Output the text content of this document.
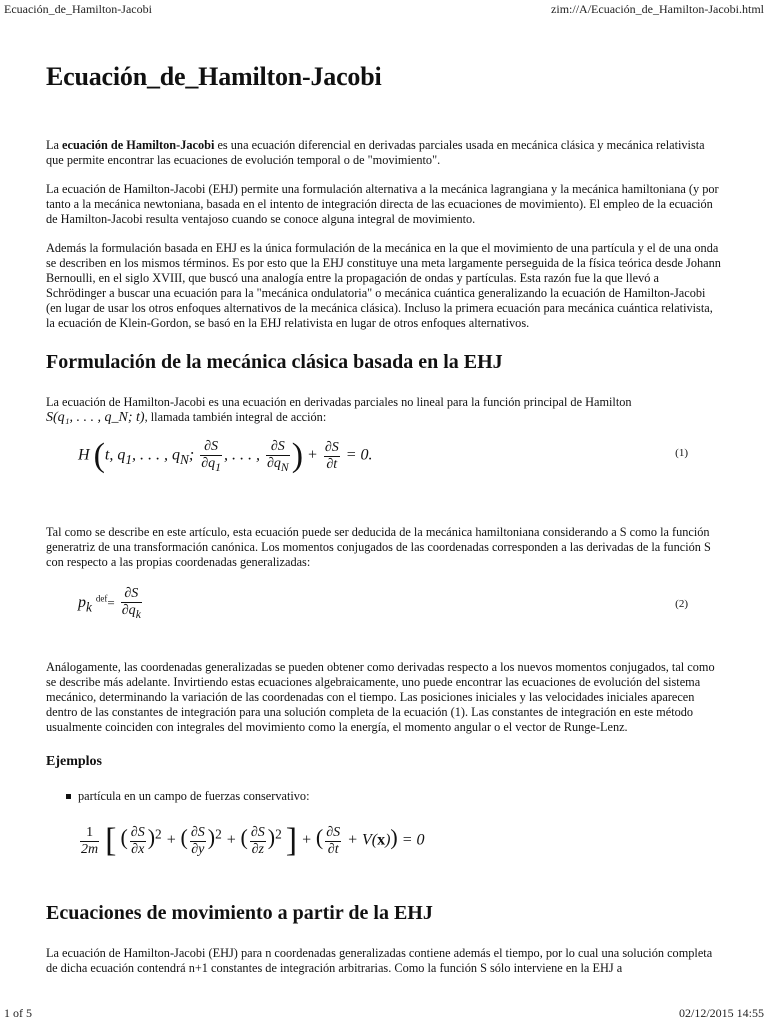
Ecuación_de_Hamilton-Jacobi	zim://A/Ecuación_de_Hamilton-Jacobi.html
Ecuación_de_Hamilton-Jacobi

La ecuación de Hamilton-Jacobi es una ecuación diferencial en derivadas parciales usada en mecánica clásica y mecánica relativista que permite encontrar las ecuaciones de evolución temporal o de "movimiento".

La ecuación de Hamilton-Jacobi (EHJ) permite una formulación alternativa a la mecánica lagrangiana y la mecánica hamiltoniana (y por tanto a la mecánica newtoniana, basada en el intento de integración directa de las ecuaciones de movimiento). El empleo de la ecuación de Hamilton-Jacobi resulta ventajoso cuando se conoce alguna integral de movimiento.

Además la formulación basada en EHJ es la única formulación de la mecánica en la que el movimiento de una partícula y el de una onda se describen en los mismos términos. Es por esto que la EHJ constituye una meta largamente perseguida de la física teórica desde Johann Bernoulli, en el siglo XVIII, que buscó una analogía entre la propagación de ondas y partículas. Esta razón fue la que llevó a Schrödinger a buscar una ecuación para la "mecánica ondulatoria" o mecánica cuántica generalizando la ecuación de Hamilton-Jacobi (en lugar de usar los otros enfoques alternativos de la mecánica clásica). Incluso la primera ecuación para mecánica cuántica relativista, la ecuación de Klein-Gordon, se basó en la EHJ relativista en lugar de otros enfoques alternativos.

Formulación de la mecánica clásica basada en la EHJ

La ecuación de Hamilton-Jacobi es una ecuación en derivadas parciales no lineal para la función principal de Hamilton
S(q₁, . . . , q_N; t), llamada también integral de acción:

H (t, $q_1$, . . . , $q_N$; $\frac{\partial S}{\partial q_1}$ , . . . , $\frac{\partial S}{\partial q_N}$ ) + $\frac{\partial S}{\partial t} = 0$.	(1)

Tal como se describe en este artículo, esta ecuación puede ser deducida de la mecánica hamiltoniana considerando a S como la función generatriz de una transformación canónica. Los momentos conjugados de las coordenadas corresponden a las derivadas de la función S con respecto a las propias coordenadas generalizadas:

$p_k$ $^{def}= \frac{\partial S}{\partial q_k}$	(2)

Análogamente, las coordenadas generalizadas se pueden obtener como derivadas respecto a los nuevos momentos conjugados, tal como se describe más adelante. Invirtiendo estas ecuaciones algebraicamente, uno puede encontrar las ecuaciones de evolución del sistema mecánico, determinando la variación de las coordenadas con el tiempo. Las posiciones iniciales y las velocidades iniciales aparecen dentro de las constantes de integración para una solución completa de la ecuación (1). Las constantes de integración en este método usualmente coinciden con integrales del movimiento como la energía, el momento angular o el vector de Runge-Lenz.

Ejemplos
partícula en un campo de fuerzas conservativo:
$\frac{1}{2m}$ [ ( $\frac{\partial S}{\partial x} )^2$ + ( $\frac{\partial S}{\partial y} )^2$ + ( $\frac{\partial S}{\partial z} )^2$ ] + ( $\frac{\partial S}{\partial t} + V(x)) = 0$
Ecuaciones de movimiento a partir de la EHJ

La ecuación de Hamilton-Jacobi (EHJ) para n coordenadas generalizadas contiene además el tiempo, por lo cual una solución completa de dicha ecuación contendrá n+1 constantes de integración arbitrarias. Como la función S sólo interviene en la EHJ a

1 of 5	02/12/2015 14:55
